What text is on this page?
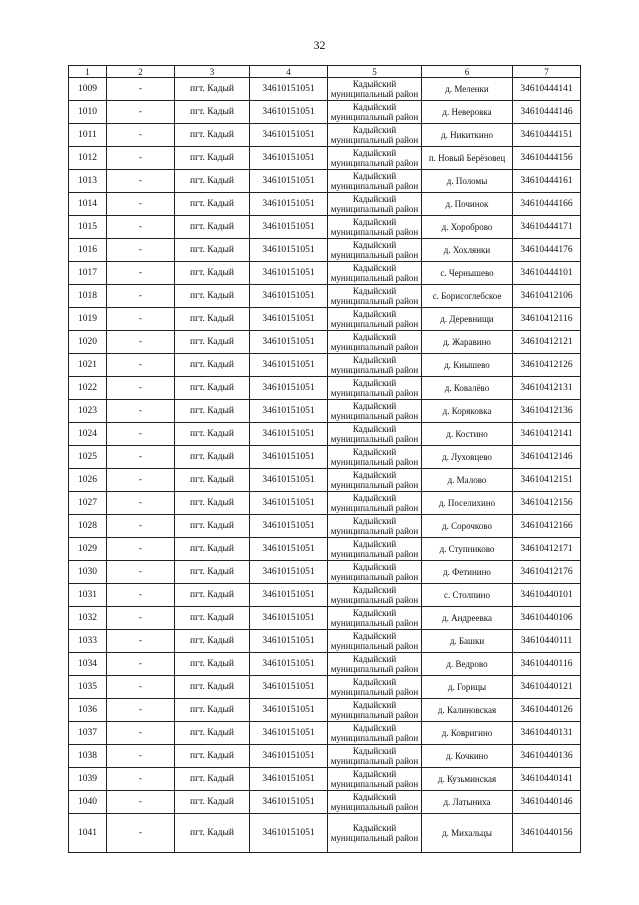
32
1	2	3	4	5	6	7
1009	-	пгт. Кадый	34610151051	Кадыйский муниципальный район	д. Меленки	34610444141
1010	-	пгт. Кадый	34610151051	Кадыйский муниципальный район	д. Неверовка	34610444146
1011	-	пгт. Кадый	34610151051	Кадыйский муниципальный район	д. Никиткино	34610444151
1012	-	пгт. Кадый	34610151051	Кадыйский муниципальный район	п. Новый Берёзовец	34610444156
1013	-	пгт. Кадый	34610151051	Кадыйский муниципальный район	д. Поломы	34610444161
1014	-	пгт. Кадый	34610151051	Кадыйский муниципальный район	д. Починок	34610444166
1015	-	пгт. Кадый	34610151051	Кадыйский муниципальный район	д. Хороброво	34610444171
1016	-	пгт. Кадый	34610151051	Кадыйский муниципальный район	д. Хохлянки	34610444176
1017	-	пгт. Кадый	34610151051	Кадыйский муниципальный район	с. Чернышево	34610444101
1018	-	пгт. Кадый	34610151051	Кадыйский муниципальный район	с. Борисоглебское	34610412106
1019	-	пгт. Кадый	34610151051	Кадыйский муниципальный район	д. Деревнищи	34610412116
1020	-	пгт. Кадый	34610151051	Кадыйский муниципальный район	д. Жаравино	34610412121
1021	-	пгт. Кадый	34610151051	Кадыйский муниципальный район	д. Кнышево	34610412126
1022	-	пгт. Кадый	34610151051	Кадыйский муниципальный район	д. Ковалёво	34610412131
1023	-	пгт. Кадый	34610151051	Кадыйский муниципальный район	д. Коряковка	34610412136
1024	-	пгт. Кадый	34610151051	Кадыйский муниципальный район	д. Костино	34610412141
1025	-	пгт. Кадый	34610151051	Кадыйский муниципальный район	д. Луховцево	34610412146
1026	-	пгт. Кадый	34610151051	Кадыйский муниципальный район	д. Малово	34610412151
1027	-	пгт. Кадый	34610151051	Кадыйский муниципальный район	д. Поселихино	34610412156
1028	-	пгт. Кадый	34610151051	Кадыйский муниципальный район	д. Сорочково	34610412166
1029	-	пгт. Кадый	34610151051	Кадыйский муниципальный район	д. Ступниково	34610412171
1030	-	пгт. Кадый	34610151051	Кадыйский муниципальный район	д. Фетинино	34610412176
1031	-	пгт. Кадый	34610151051	Кадыйский муниципальный район	с. Столпино	34610440101
1032	-	пгт. Кадый	34610151051	Кадыйский муниципальный район	д. Андреевка	34610440106
1033	-	пгт. Кадый	34610151051	Кадыйский муниципальный район	д. Башки	34610440111
1034	-	пгт. Кадый	34610151051	Кадыйский муниципальный район	д. Ведрово	34610440116
1035	-	пгт. Кадый	34610151051	Кадыйский муниципальный район	д. Горицы	34610440121
1036	-	пгт. Кадый	34610151051	Кадыйский муниципальный район	д. Калиновская	34610440126
1037	-	пгт. Кадый	34610151051	Кадыйский муниципальный район	д. Ковригино	34610440131
1038	-	пгт. Кадый	34610151051	Кадыйский муниципальный район	д. Кочкино	34610440136
1039	-	пгт. Кадый	34610151051	Кадыйский муниципальный район	д. Кузьминская	34610440141
1040	-	пгт. Кадый	34610151051	Кадыйский муниципальный район	д. Латыниха	34610440146
1041	-	пгт. Кадый	34610151051	Кадыйский муниципальный район	д. Михальцы	34610440156
